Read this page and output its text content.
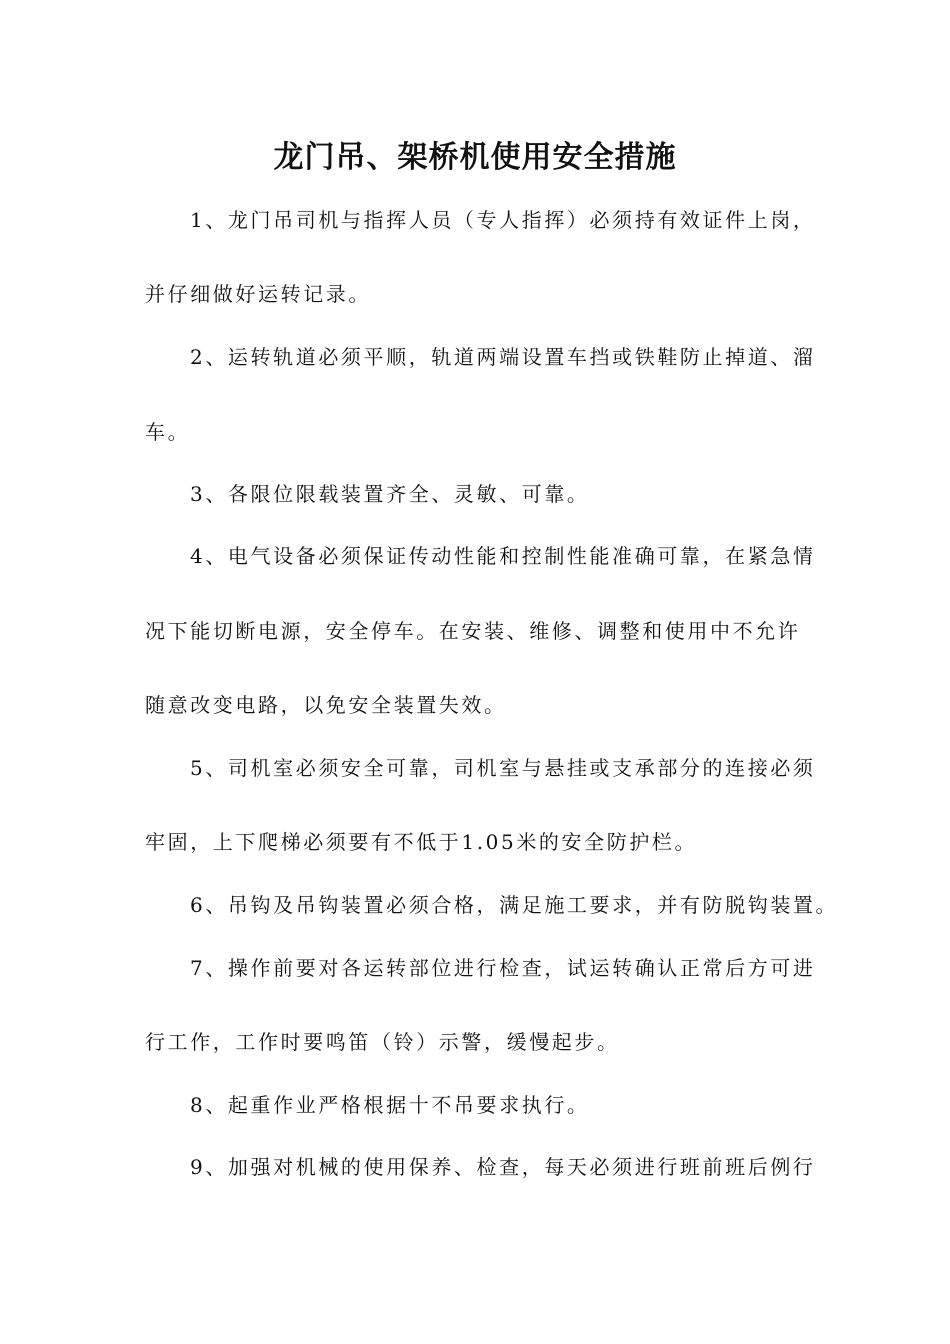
龙门吊、架桥机使用安全措施
1、龙门吊司机与指挥人员（专人指挥）必须持有效证件上岗，
并仔细做好运转记录。
2、运转轨道必须平顺，轨道两端设置车挡或铁鞋防止掉道、溜
车。
3、各限位限载装置齐全、灵敏、可靠。
4、电气设备必须保证传动性能和控制性能准确可靠，在紧急情
况下能切断电源，安全停车。在安装、维修、调整和使用中不允许
随意改变电路，以免安全装置失效。
5、司机室必须安全可靠，司机室与悬挂或支承部分的连接必须
牢固，上下爬梯必须要有不低于1.05米的安全防护栏。
6、吊钩及吊钩装置必须合格，满足施工要求，并有防脱钩装置。
7、操作前要对各运转部位进行检查，试运转确认正常后方可进
行工作，工作时要鸣笛（铃）示警，缓慢起步。
8、起重作业严格根据十不吊要求执行。
9、加强对机械的使用保养、检查，每天必须进行班前班后例行
